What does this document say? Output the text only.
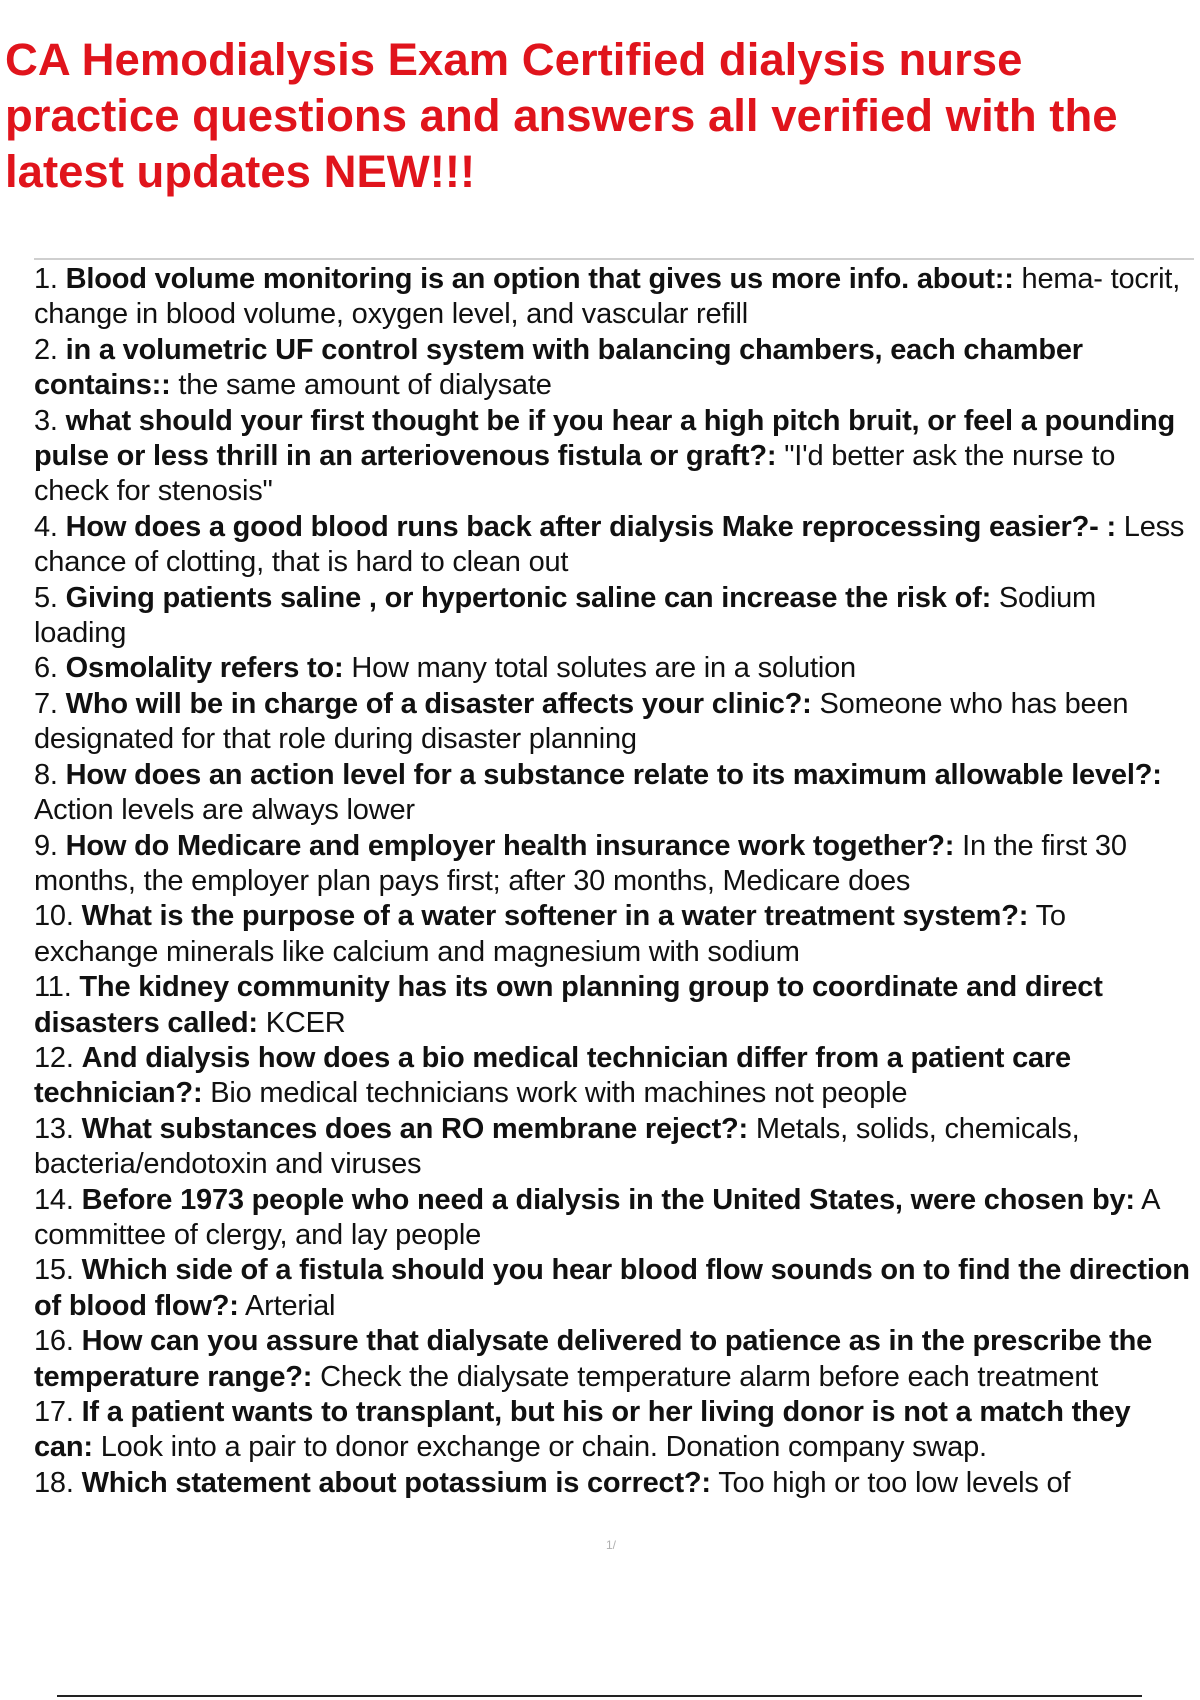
CA Hemodialysis Exam Certified dialysis nurse practice questions and answers all verified with the latest updates NEW!!!
1. Blood volume monitoring is an option that gives us more info. about:: hema- tocrit, change in blood volume, oxygen level, and vascular refill
2. in a volumetric UF control system with balancing chambers, each chamber contains:: the same amount of dialysate
3. what should your first thought be if you hear a high pitch bruit, or feel a pounding pulse or less thrill in an arteriovenous fistula or graft?: "I'd better ask the nurse to check for stenosis"
4. How does a good blood runs back after dialysis Make reprocessing easier?- : Less chance of clotting, that is hard to clean out
5. Giving patients saline , or hypertonic saline can increase the risk of: Sodium loading
6. Osmolality refers to: How many total solutes are in a solution
7. Who will be in charge of a disaster affects your clinic?: Someone who has been designated for that role during disaster planning
8. How does an action level for a substance relate to its maximum allowable level?: Action levels are always lower
9. How do Medicare and employer health insurance work together?: In the first 30 months, the employer plan pays first; after 30 months, Medicare does
10. What is the purpose of a water softener in a water treatment system?: To exchange minerals like calcium and magnesium with sodium
11. The kidney community has its own planning group to coordinate and direct disasters called: KCER
12. And dialysis how does a bio medical technician differ from a patient care technician?: Bio medical technicians work with machines not people
13. What substances does an RO membrane reject?: Metals, solids, chemicals, bacteria/endotoxin and viruses
14. Before 1973 people who need a dialysis in the United States, were chosen by: A committee of clergy, and lay people
15. Which side of a fistula should you hear blood flow sounds on to find the direction of blood flow?: Arterial
16. How can you assure that dialysate delivered to patience as in the prescribe the temperature range?: Check the dialysate temperature alarm before each treatment
17. If a patient wants to transplant, but his or her living donor is not a match they can: Look into a pair to donor exchange or chain. Donation company swap.
18. Which statement about potassium is correct?: Too high or too low levels of
1/
